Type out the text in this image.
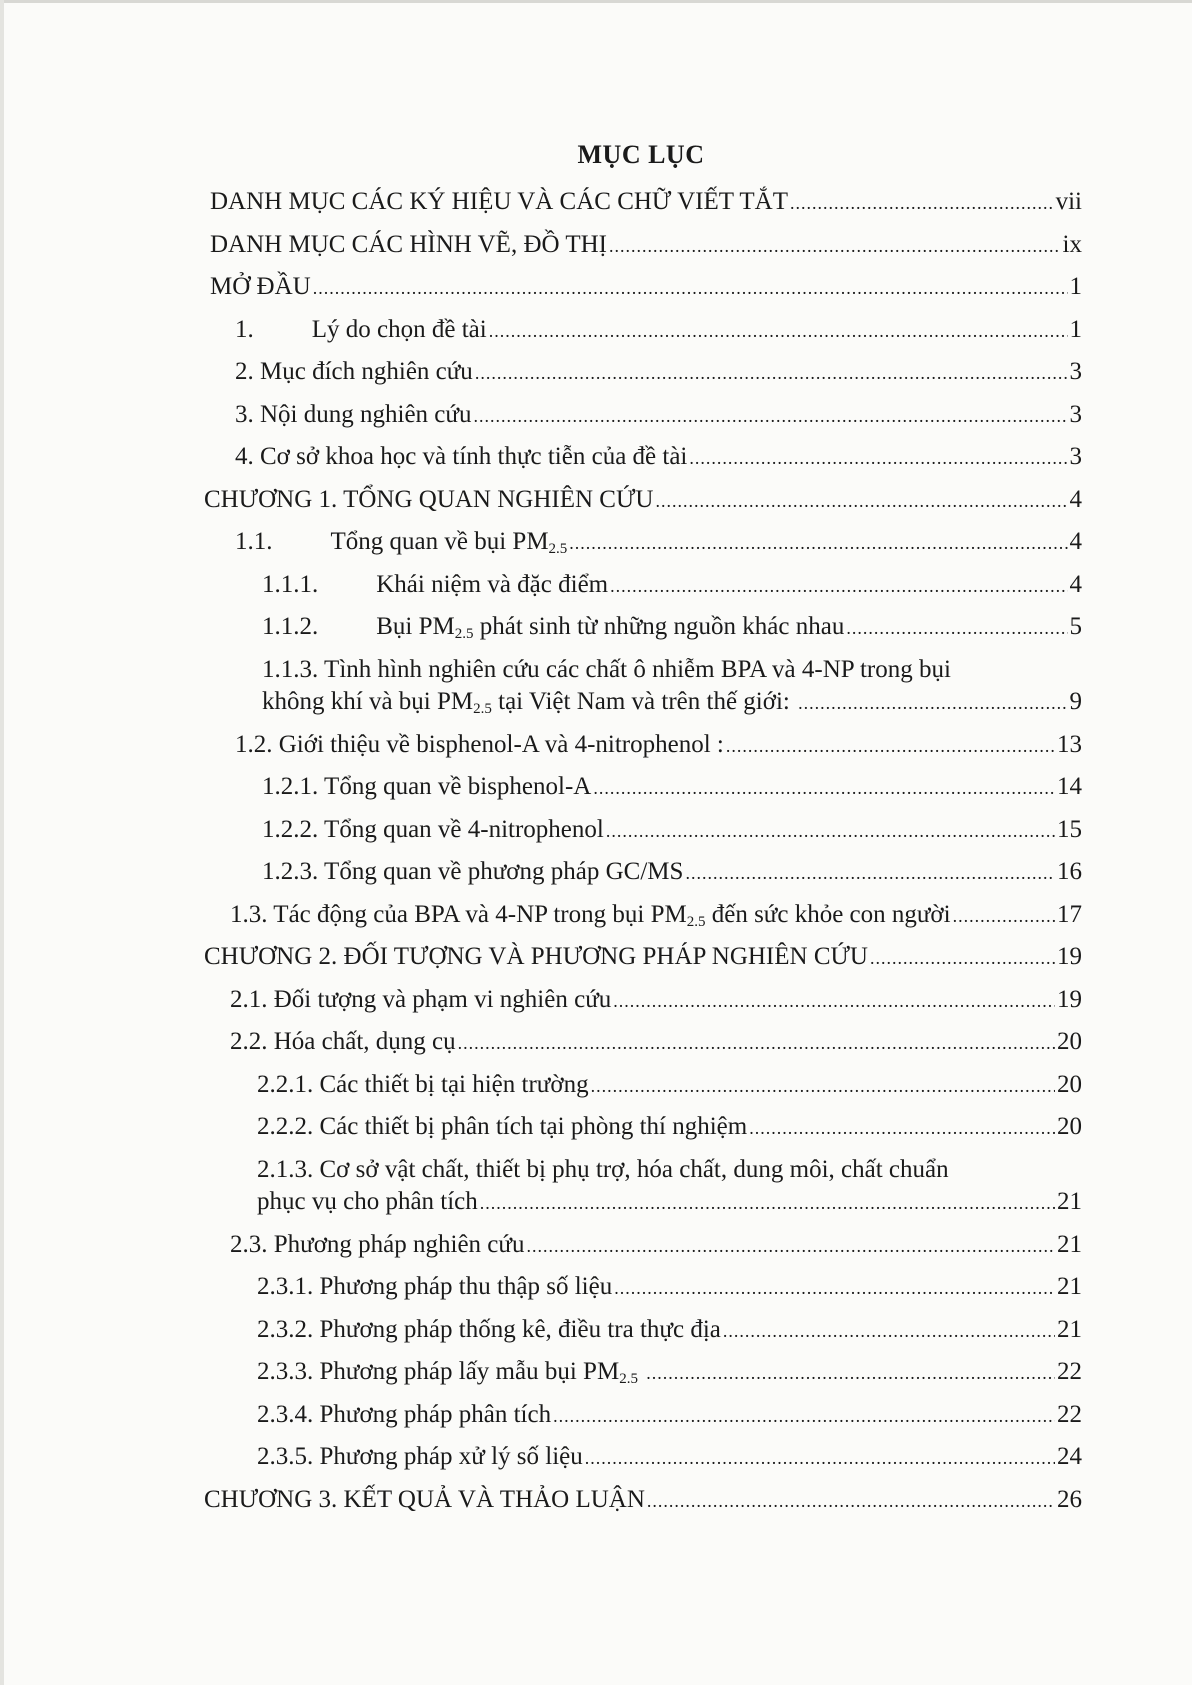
MỤC LỤC
DANH MỤC CÁC KÝ HIỆU VÀ CÁC CHỮ VIẾT TẮT .....	vii
DANH MỤC CÁC HÌNH VẼ, ĐỒ THỊ .....	ix
MỞ ĐẦU .....	1
1. Lý do chọn đề tài .....	1
2. Mục đích nghiên cứu .....	3
3. Nội dung nghiên cứu .....	3
4. Cơ sở khoa học và tính thực tiễn của đề tài .....	3
CHƯƠNG 1. TỔNG QUAN NGHIÊN CỨU .....	4
1.1. Tổng quan về bụi $PM_{2.5}$ .....	4
1.1.1. Khái niệm và đặc điểm .....	4
1.1.2. Bụi $PM_{2.5}$ phát sinh từ những nguồn khác nhau .....	5
1.1.3. Tình hình nghiên cứu các chất ô nhiễm BPA và 4-NP trong bụi
không khí và bụi $PM_{2.5}$ tại Việt Nam và trên thế giới: .....	9
1.2. Giới thiệu về bisphenol-A và 4-nitrophenol : .....	13
1.2.1. Tổng quan về bisphenol-A .....	14
1.2.2. Tổng quan về 4-nitrophenol .....	15
1.2.3. Tổng quan về phương pháp GC/MS .....	16
1.3. Tác động của BPA và 4-NP trong bụi $PM_{2.5}$ đến sức khỏe con người .....	17
CHƯƠNG 2. ĐỐI TƯỢNG VÀ PHƯƠNG PHÁP NGHIÊN CỨU .....	19
2.1. Đối tượng và phạm vi nghiên cứu .....	19
2.2. Hóa chất, dụng cụ .....	20
2.2.1. Các thiết bị tại hiện trường .....	20
2.2.2. Các thiết bị phân tích tại phòng thí nghiệm .....	20
2.1.3. Cơ sở vật chất, thiết bị phụ trợ, hóa chất, dung môi, chất chuẩn
phục vụ cho phân tích .....	21
2.3. Phương pháp nghiên cứu .....	21
2.3.1. Phương pháp thu thập số liệu .....	21
2.3.2. Phương pháp thống kê, điều tra thực địa .....	21
2.3.3. Phương pháp lấy mẫu bụi $PM_{2.5}$ .....	22
2.3.4. Phương pháp phân tích .....	22
2.3.5. Phương pháp xử lý số liệu .....	24
CHƯƠNG 3. KẾT QUẢ VÀ THẢO LUẬN .....	26
